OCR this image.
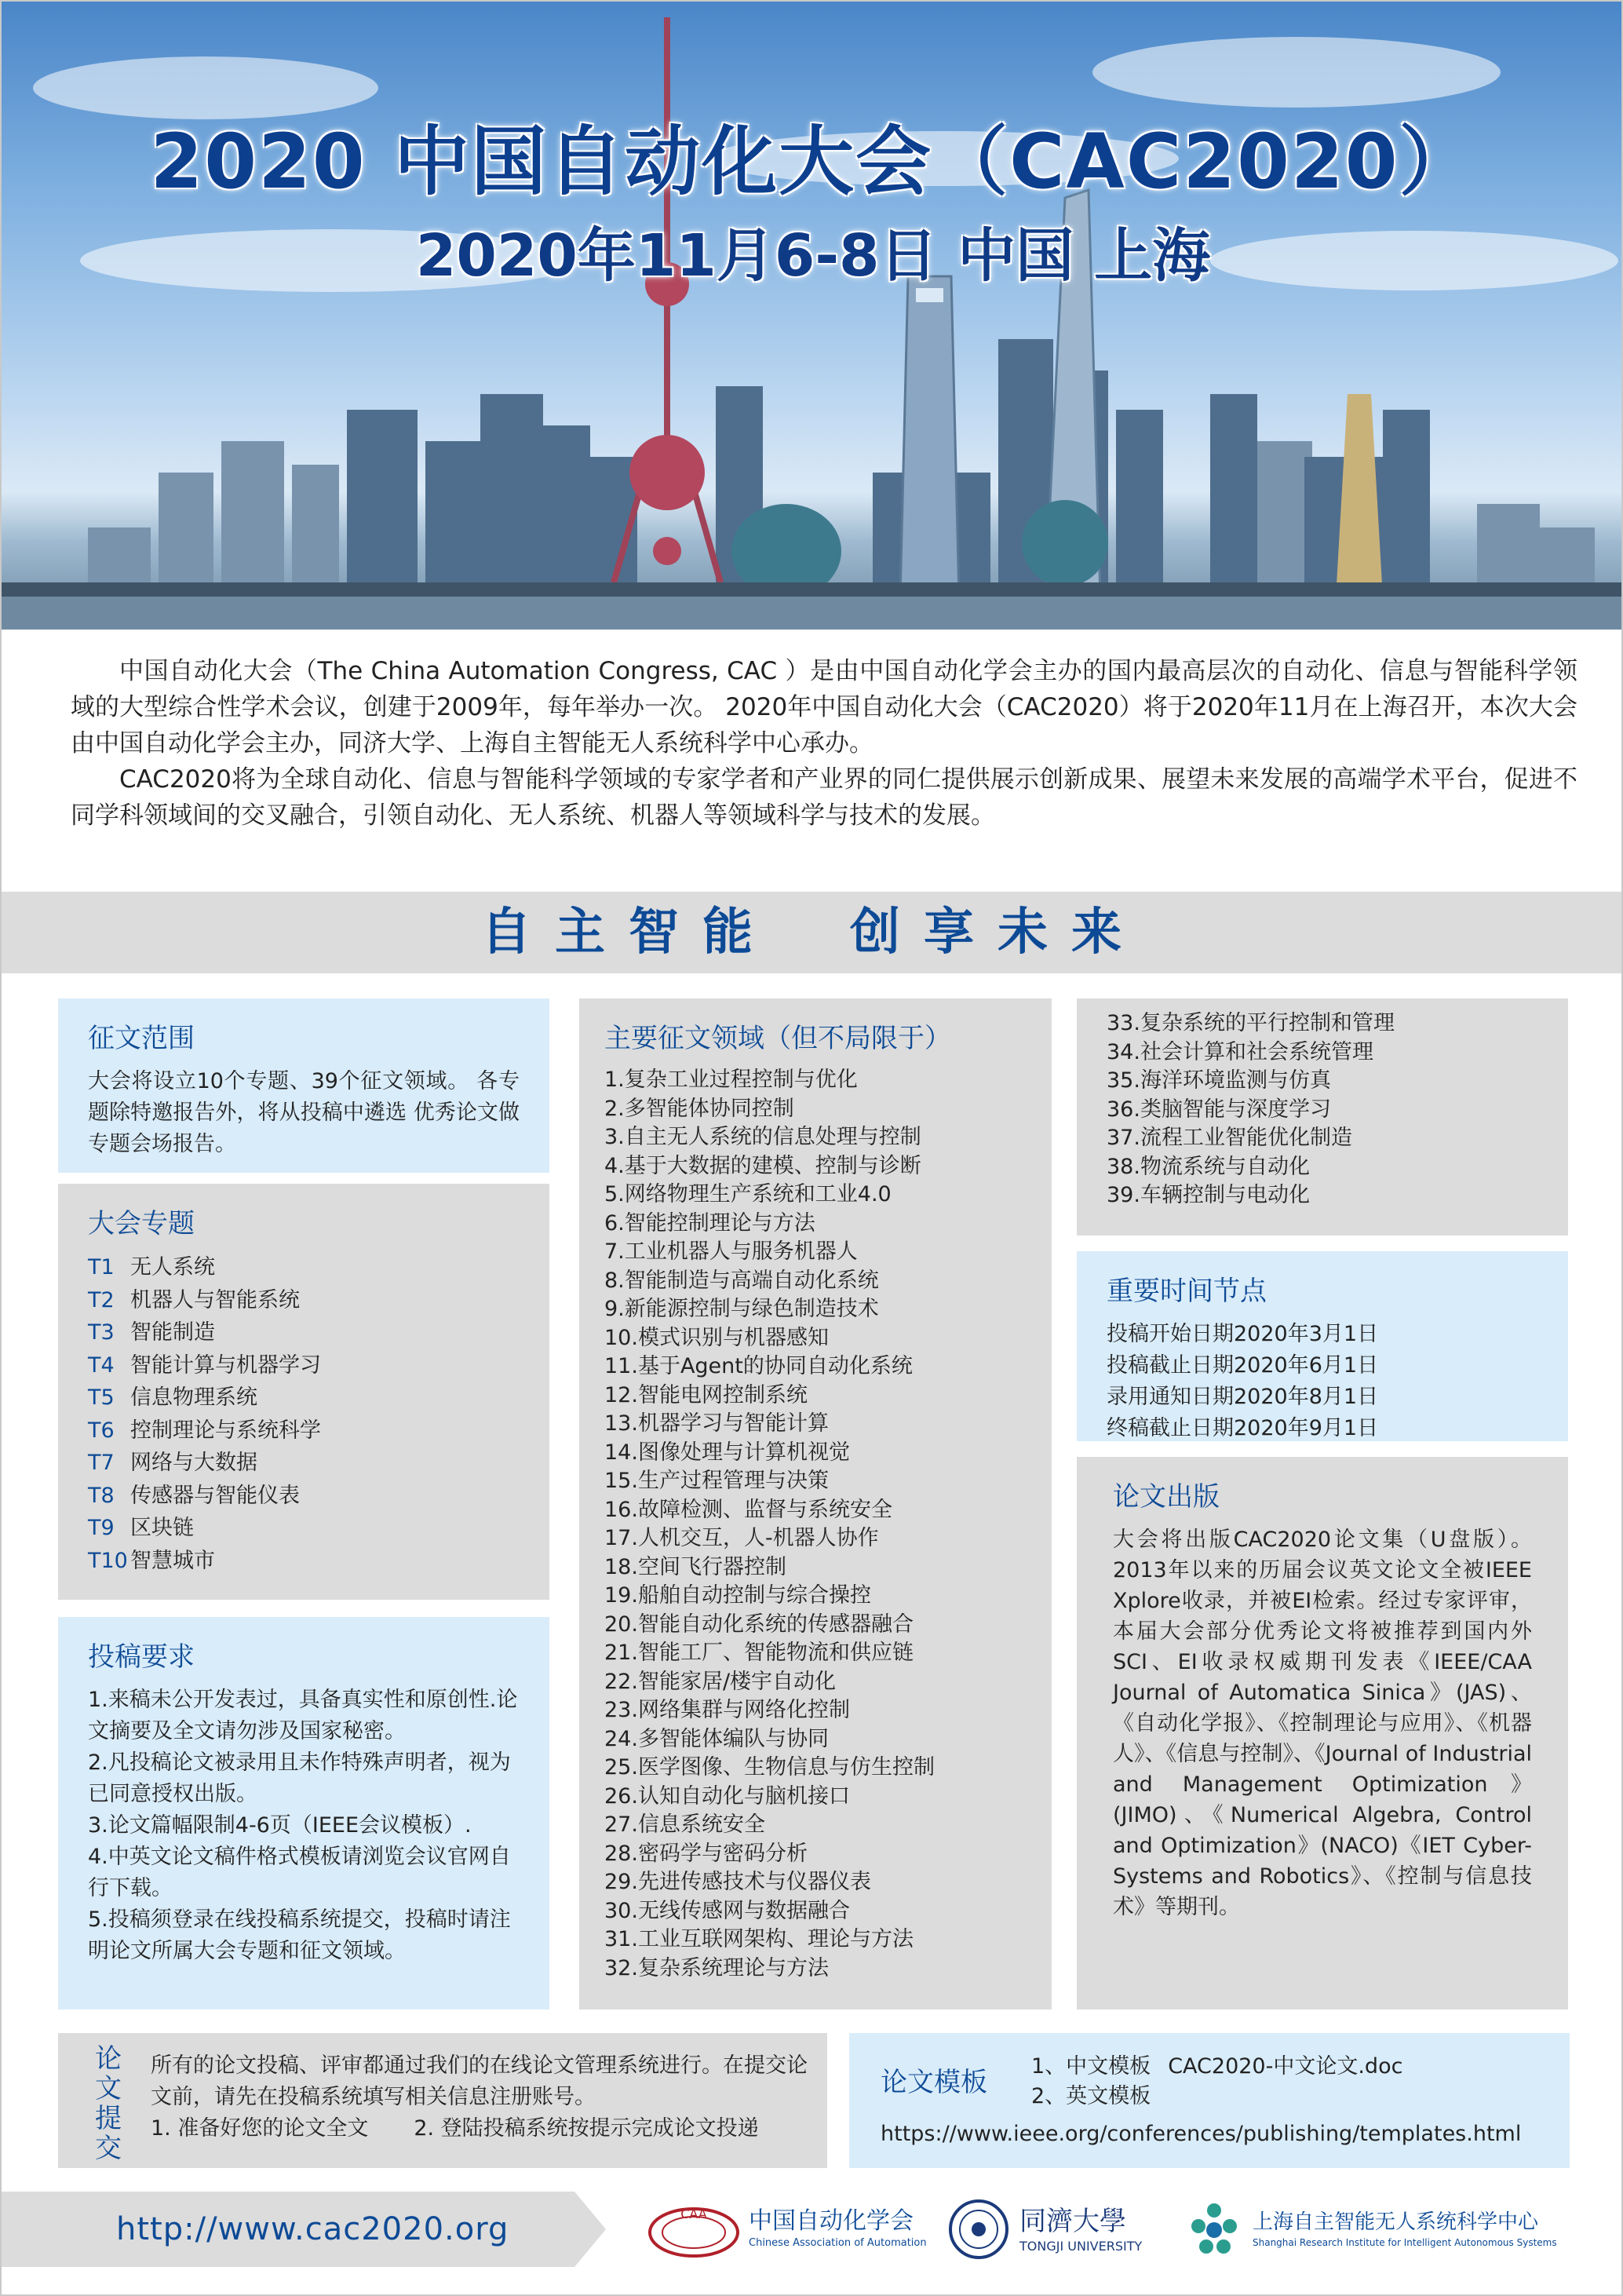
2020 中国自动化大会（CAC2020）
2020年11月6-8日 中国 上海

中国自动化大会（The China Automation Congress, CAC ）是由中国自动化学会主办的国内最高层次的自动化、信息与智能科学领域的大型综合性学术会议，创建于2009年，每年举办一次。 2020年中国自动化大会（CAC2020）将于2020年11月在上海召开，本次大会由中国自动化学会主办，同济大学、上海自主智能无人系统科学中心承办。

CAC2020将为全球自动化、信息与智能科学领域的专家学者和产业界的同仁提供展示创新成果、展望未来发展的高端学术平台，促进不同学科领域间的交叉融合，引领自动化、无人系统、机器人等领域科学与技术的发展。

自主智能　创享未来
征文范围

大会将设立10个专题、39个征文领域。 各专题除特邀报告外，将从投稿中遴选 优秀论文做专题会场报告。

大会专题
T1 无人系统
T2 机器人与智能系统
T3 智能制造
T4 智能计算与机器学习
T5 信息物理系统
T6 控制理论与系统科学
T7 网络与大数据
T8 传感器与智能仪表
T9 区块链
T10 智慧城市
投稿要求
1.来稿未公开发表过，具备真实性和原创性.论文摘要及全文请勿涉及国家秘密。
2.凡投稿论文被录用且未作特殊声明者，视为已同意授权出版。
3.论文篇幅限制4-6页（IEEE会议模板）.
4.中英文论文稿件格式模板请浏览会议官网自行下载。
5.投稿须登录在线投稿系统提交，投稿时请注明论文所属大会专题和征文领域。
主要征文领域（但不局限于）
1.复杂工业过程控制与优化
2.多智能体协同控制
3.自主无人系统的信息处理与控制
4.基于大数据的建模、控制与诊断
5.网络物理生产系统和工业4.0
6.智能控制理论与方法
7.工业机器人与服务机器人
8.智能制造与高端自动化系统
9.新能源控制与绿色制造技术
10.模式识别与机器感知
11.基于Agent的协同自动化系统
12.智能电网控制系统
13.机器学习与智能计算
14.图像处理与计算机视觉
15.生产过程管理与决策
16.故障检测、监督与系统安全
17.人机交互，人-机器人协作
18.空间飞行器控制
19.船舶自动控制与综合操控
20.智能自动化系统的传感器融合
21.智能工厂、智能物流和供应链
22.智能家居/楼宇自动化
23.网络集群与网络化控制
24.多智能体编队与协同
25.医学图像、生物信息与仿生控制
26.认知自动化与脑机接口
27.信息系统安全
28.密码学与密码分析
29.先进传感技术与仪器仪表
30.无线传感网与数据融合
31.工业互联网架构、理论与方法
32.复杂系统理论与方法
33.复杂系统的平行控制和管理
34.社会计算和社会系统管理
35.海洋环境监测与仿真
36.类脑智能与深度学习
37.流程工业智能优化制造
38.物流系统与自动化
39.车辆控制与电动化
重要时间节点
投稿开始日期2020年3月1日
投稿截止日期2020年6月1日
录用通知日期2020年8月1日
终稿截止日期2020年9月1日
论文出版

大会将出版CAC2020论文集（U盘版）。2013年以来的历届会议英文论文全被IEEE Xplore收录，并被EI检索。经过专家评审，本届大会部分优秀论文将被推荐到国内外SCI、EI收录权威期刊发表《IEEE/CAA Journal of Automatica Sinica》(JAS)、《自动化学报》、《控制理论与应用》、《机器人》、《信息与控制》、《Journal of Industrial and Management Optimization》(JIMO)、《Numerical Algebra, Control and Optimization》(NACO)《IET Cyber-Systems and Robotics》、《控制与信息技术》等期刊。

论文提交
所有的论文投稿、评审都通过我们的在线论文管理系统进行。在提交论文前，请先在投稿系统填写相关信息注册账号。
1. 准备好您的论文全文 2. 登陆投稿系统按提示完成论文投递
论文模板
1、中文模板 CAC2020-中文论文.doc
2、英文模板
https://www.ieee.org/conferences/publishing/templates.html
http://www.cac2020.org	CAA 中国自动化学会
Chinese Association of Automation
同濟大學
TONGJI UNIVERSITY
上海自主智能无人系统科学中心
Shanghai Research Institute for Intelligent Autonomous Systems
